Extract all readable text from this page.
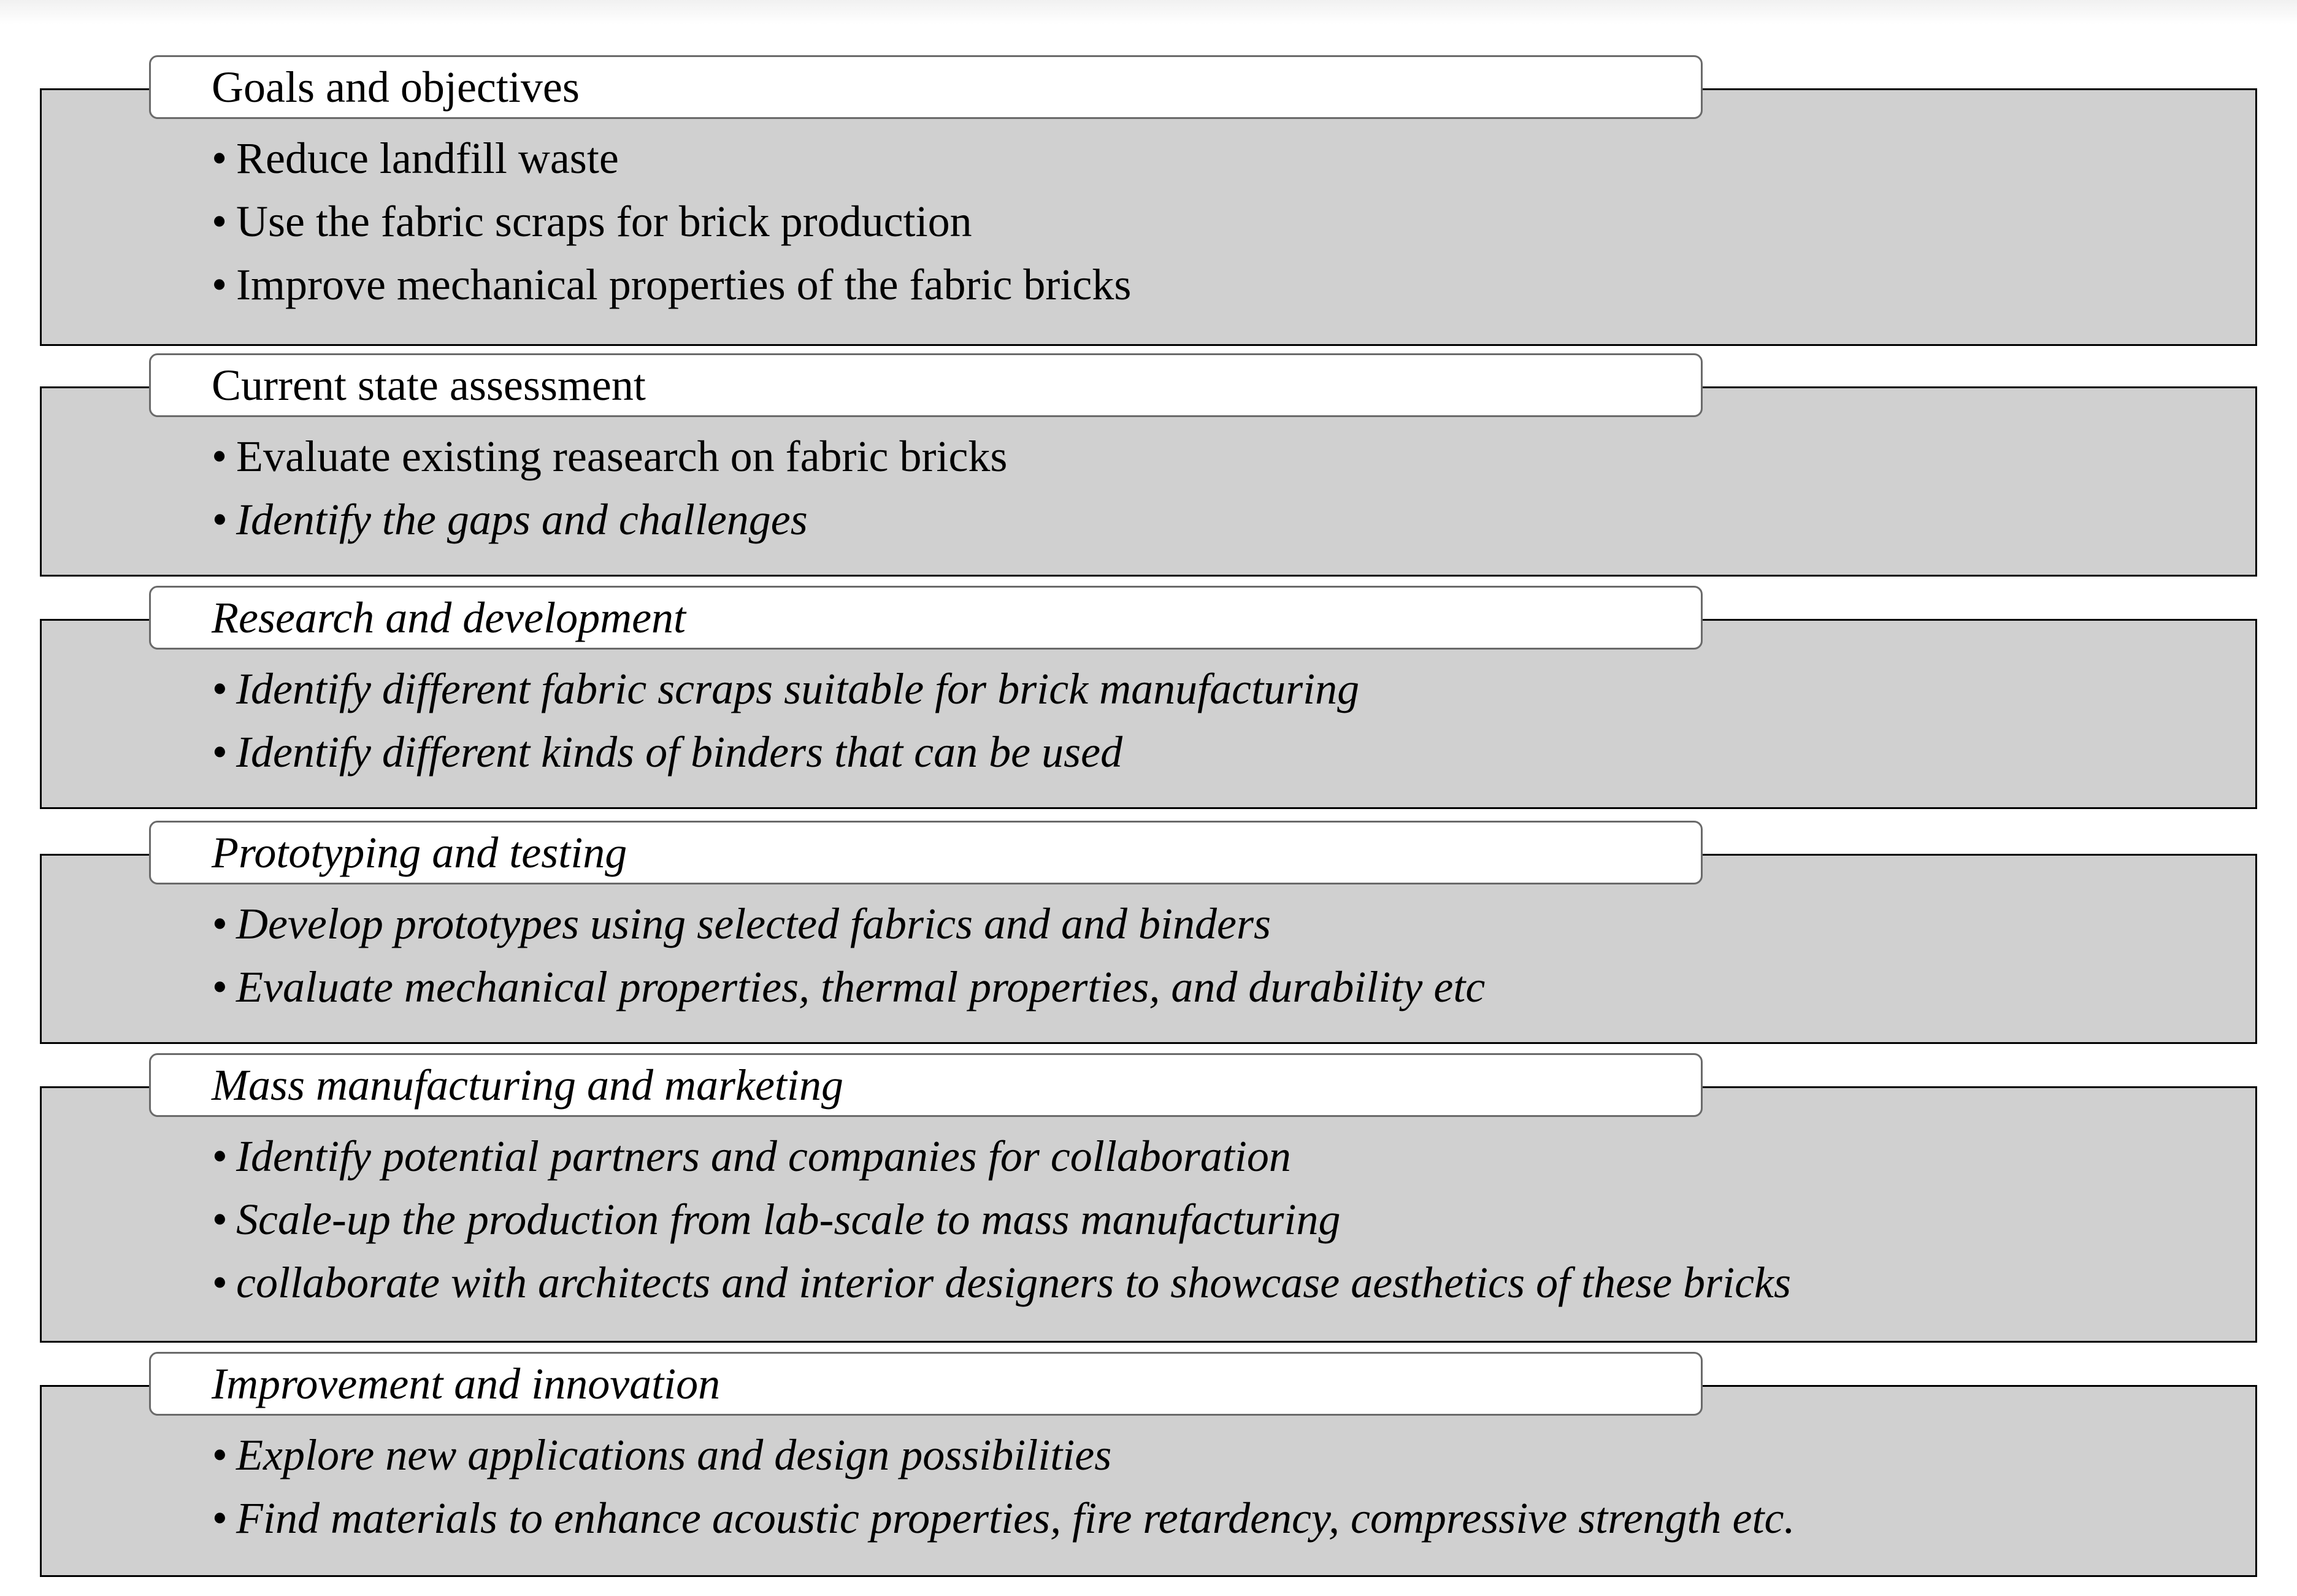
Goals and objectives
• Reduce landfill waste
• Use the fabric scraps for brick production
• Improve mechanical properties of the fabric bricks
Current state assessment
• Evaluate existing reasearch on fabric bricks
• Identify the gaps and challenges
Research and development
• Identify different fabric scraps suitable for brick manufacturing
• Identify different kinds of binders that can be used
Prototyping and testing
• Develop prototypes using selected fabrics and and binders
• Evaluate mechanical properties, thermal properties, and durability etc
Mass manufacturing and marketing
• Identify potential partners and companies for collaboration
• Scale-up the production from lab-scale to mass manufacturing
• collaborate with architects and interior designers to showcase aesthetics of these bricks
Improvement and innovation
• Explore new applications and design possibilities
• Find materials to enhance acoustic properties, fire retardency, compressive strength etc.
